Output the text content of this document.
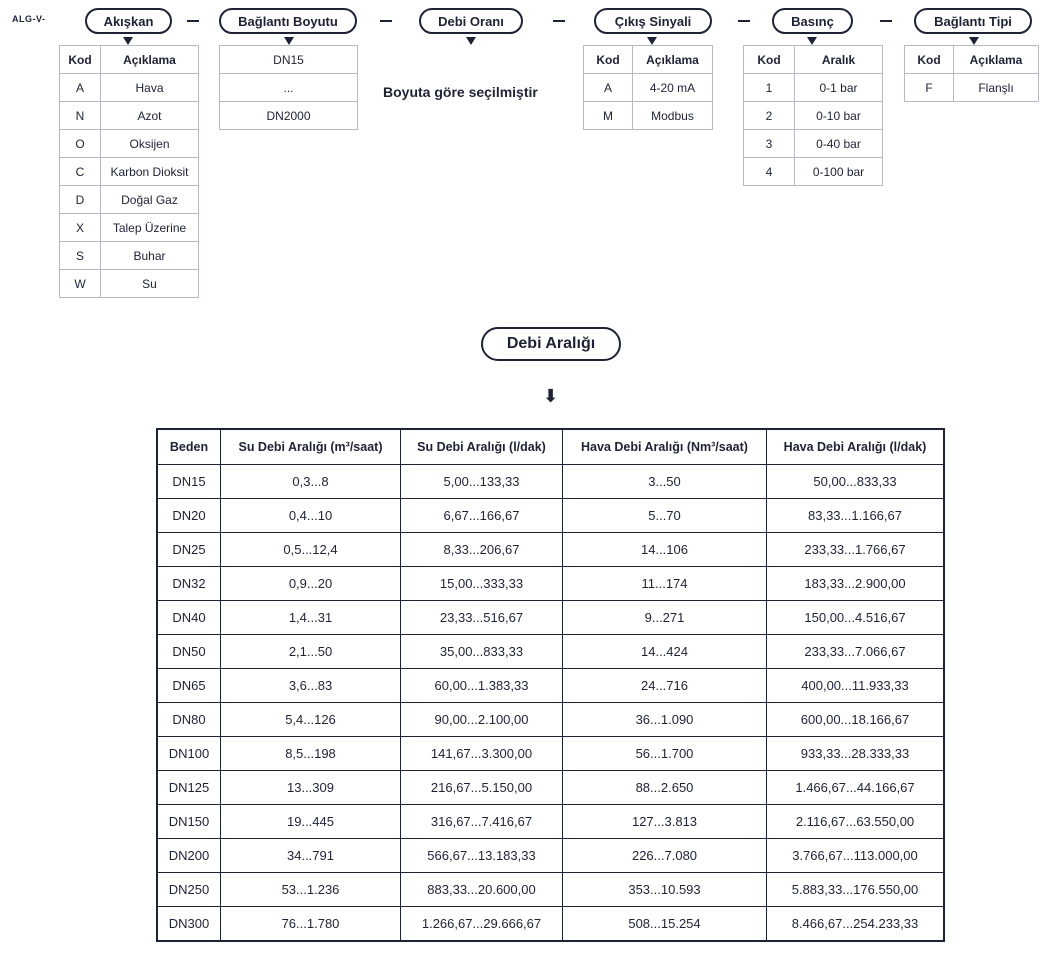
ALG-V-	Akışkan	Bağlantı Boyutu	Debi Oranı	Çıkış Sinyali	Basınç	Bağlantı Tipi
Kod	Açıklama
A	Hava
N	Azot
O	Oksijen
C	Karbon Dioksit
D	Doğal Gaz
X	Talep Üzerine
S	Buhar
W	Su
DN15
...
DN2000
Boyuta göre seçilmiştir
Kod	Açıklama
A	4-20 mA
M	Modbus
Kod	Aralık
1	0-1 bar
2	0-10 bar
3	0-40 bar
4	0-100 bar
Kod	Açıklama
F	Flanşlı
Debi Aralığı
⬇
Beden	Su Debi Aralığı (m³/saat)	Su Debi Aralığı (l/dak)	Hava Debi Aralığı (Nm³/saat)	Hava Debi Aralığı (l/dak)
DN15	0,3...8	5,00...133,33	3...50	50,00...833,33
DN20	0,4...10	6,67...166,67	5...70	83,33...1.166,67
DN25	0,5...12,4	8,33...206,67	14...106	233,33...1.766,67
DN32	0,9...20	15,00...333,33	11...174	183,33...2.900,00
DN40	1,4...31	23,33...516,67	9...271	150,00...4.516,67
DN50	2,1...50	35,00...833,33	14...424	233,33...7.066,67
DN65	3,6...83	60,00...1.383,33	24...716	400,00...11.933,33
DN80	5,4...126	90,00...2.100,00	36...1.090	600,00...18.166,67
DN100	8,5...198	141,67...3.300,00	56...1.700	933,33...28.333,33
DN125	13...309	216,67...5.150,00	88...2.650	1.466,67...44.166,67
DN150	19...445	316,67...7.416,67	127...3.813	2.116,67...63.550,00
DN200	34...791	566,67...13.183,33	226...7.080	3.766,67...113.000,00
DN250	53...1.236	883,33...20.600,00	353...10.593	5.883,33...176.550,00
DN300	76...1.780	1.266,67...29.666,67	508...15.254	8.466,67...254.233,33
